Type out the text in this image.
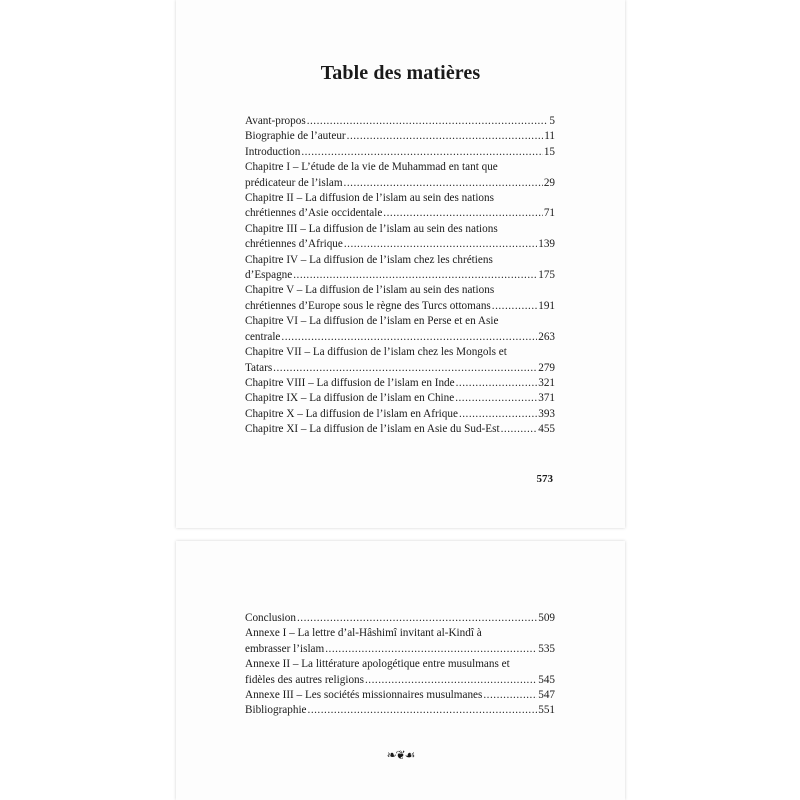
Table des matières
Avant-propos .....	5
Biographie de l’auteur .....	11
Introduction .....	15
Chapitre I – L’étude de la vie de Muhammad en tant que
prédicateur de l’islam .....	29
Chapitre II – La diffusion de l’islam au sein des nations
chrétiennes d’Asie occidentale .....	71
Chapitre III – La diffusion de l’islam au sein des nations
chrétiennes d’Afrique .....	139
Chapitre IV – La diffusion de l’islam chez les chrétiens
d’Espagne .....	175
Chapitre V – La diffusion de l’islam au sein des nations
chrétiennes d’Europe sous le règne des Turcs ottomans .....	191
Chapitre VI – La diffusion de l’islam en Perse et en Asie
centrale .....	263
Chapitre VII – La diffusion de l’islam chez les Mongols et
Tatars .....	279
Chapitre VIII – La diffusion de l’islam en Inde .....	321
Chapitre IX – La diffusion de l’islam en Chine .....	371
Chapitre X – La diffusion de l’islam en Afrique .....	393
Chapitre XI – La diffusion de l’islam en Asie du Sud-Est .....	455
573
Conclusion .....	509
Annexe I – La lettre d’al-Hâshimî invitant al-Kindî à
embrasser l’islam .....	535
Annexe II – La littérature apologétique entre musulmans et
fidèles des autres religions .....	545
Annexe III – Les sociétés missionnaires musulmanes .....	547
Bibliographie .....	551
❧❦☙
